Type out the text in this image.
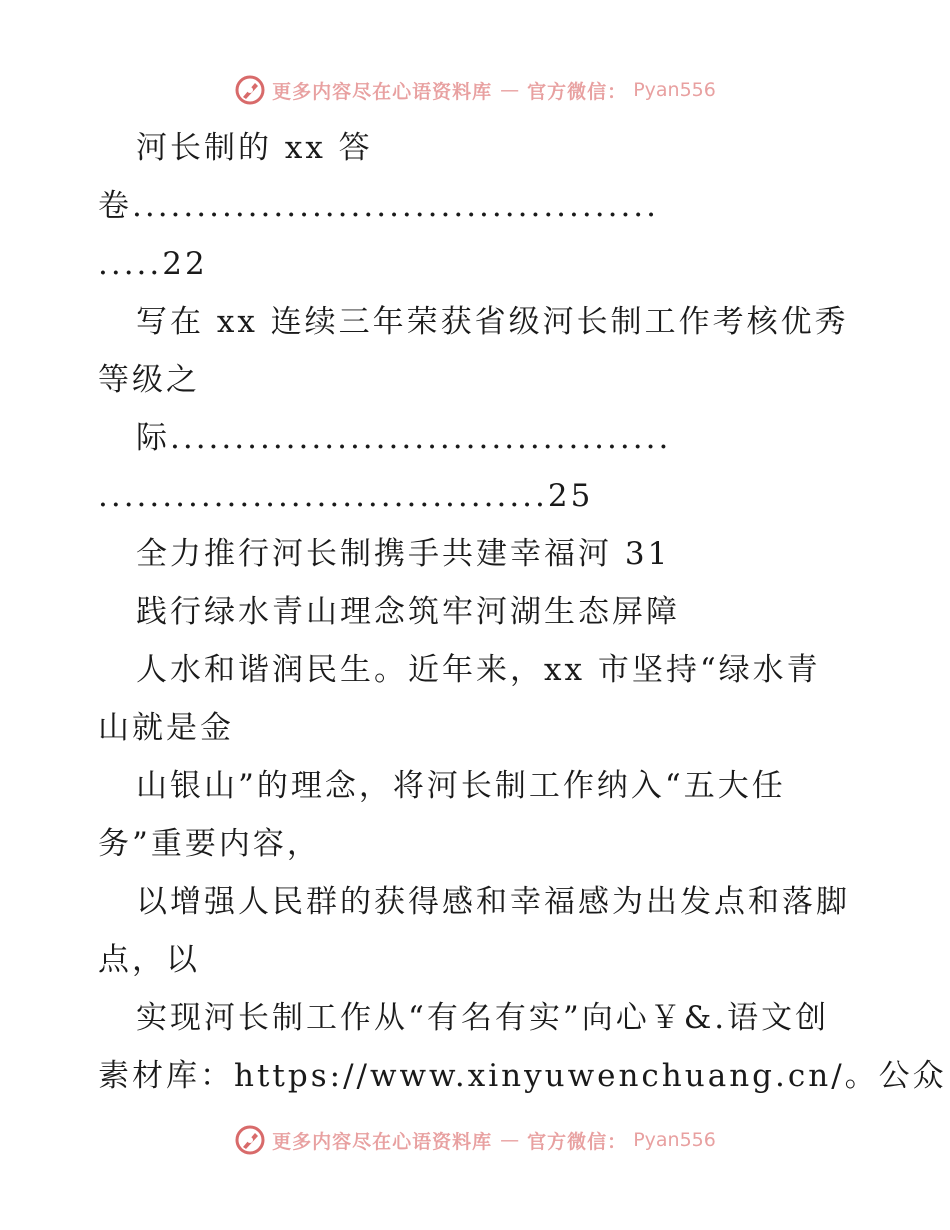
更多内容尽在心语资料库 — 官方微信： Pyan556
河长制的 xx 答
卷.........................................
.....22
写在 xx 连续三年荣获省级河长制工作考核优秀
等级之
际.......................................
...................................25
全力推行河长制携手共建幸福河 31
践行绿水青山理念筑牢河湖生态屏障
人水和谐润民生。近年来，xx 市坚持“绿水青
山就是金
山银山”的理念，将河长制工作纳入“五大任
务”重要内容，
以增强人民群的获得感和幸福感为出发点和落脚
点，以
实现河长制工作从“有名有实”向心￥&.语文创
素材库：https://www.xinyuwenchuang.cn/。公众
更多内容尽在心语资料库 — 官方微信： Pyan556
